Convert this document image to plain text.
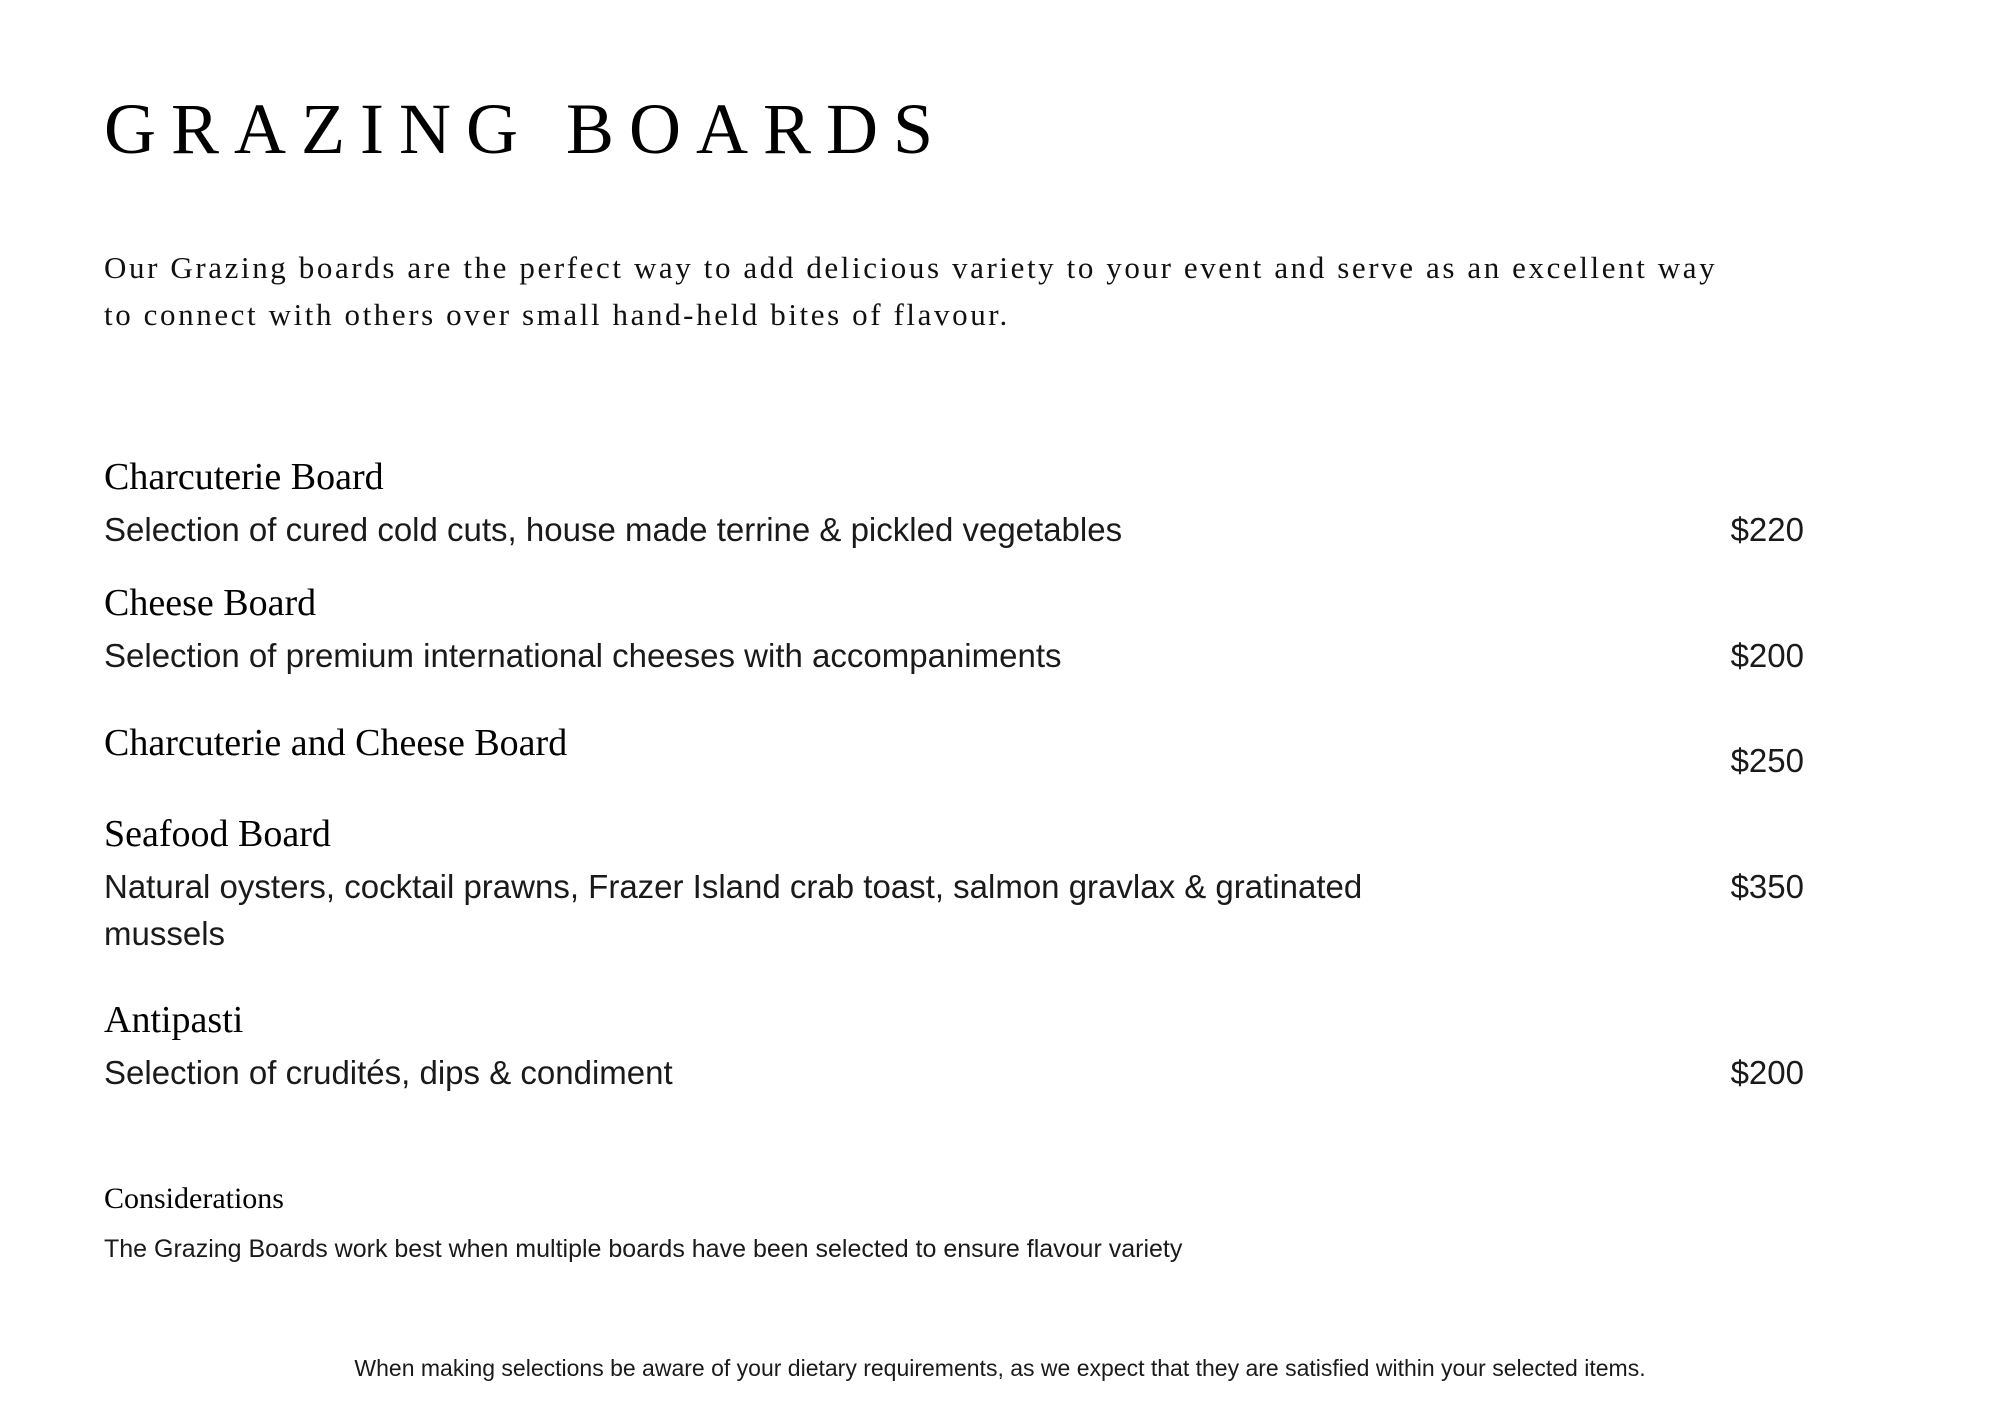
GRAZING BOARDS

Our Grazing boards are the perfect way to add delicious variety to your event and serve as an excellent way to connect with others over small hand-held bites of flavour.

Charcuterie Board
Selection of cured cold cuts, house made terrine & pickled vegetables	$220
Cheese Board
Selection of premium international cheeses with accompaniments	$200
Charcuterie and Cheese Board	$250
Seafood Board
Natural oysters, cocktail prawns, Frazer Island crab toast, salmon gravlax & gratinated mussels
$350
Antipasti
Selection of crudités, dips & condiment	$200
Considerations
The Grazing Boards work best when multiple boards have been selected to ensure flavour variety
When making selections be aware of your dietary requirements, as we expect that they are satisfied within your selected items.
